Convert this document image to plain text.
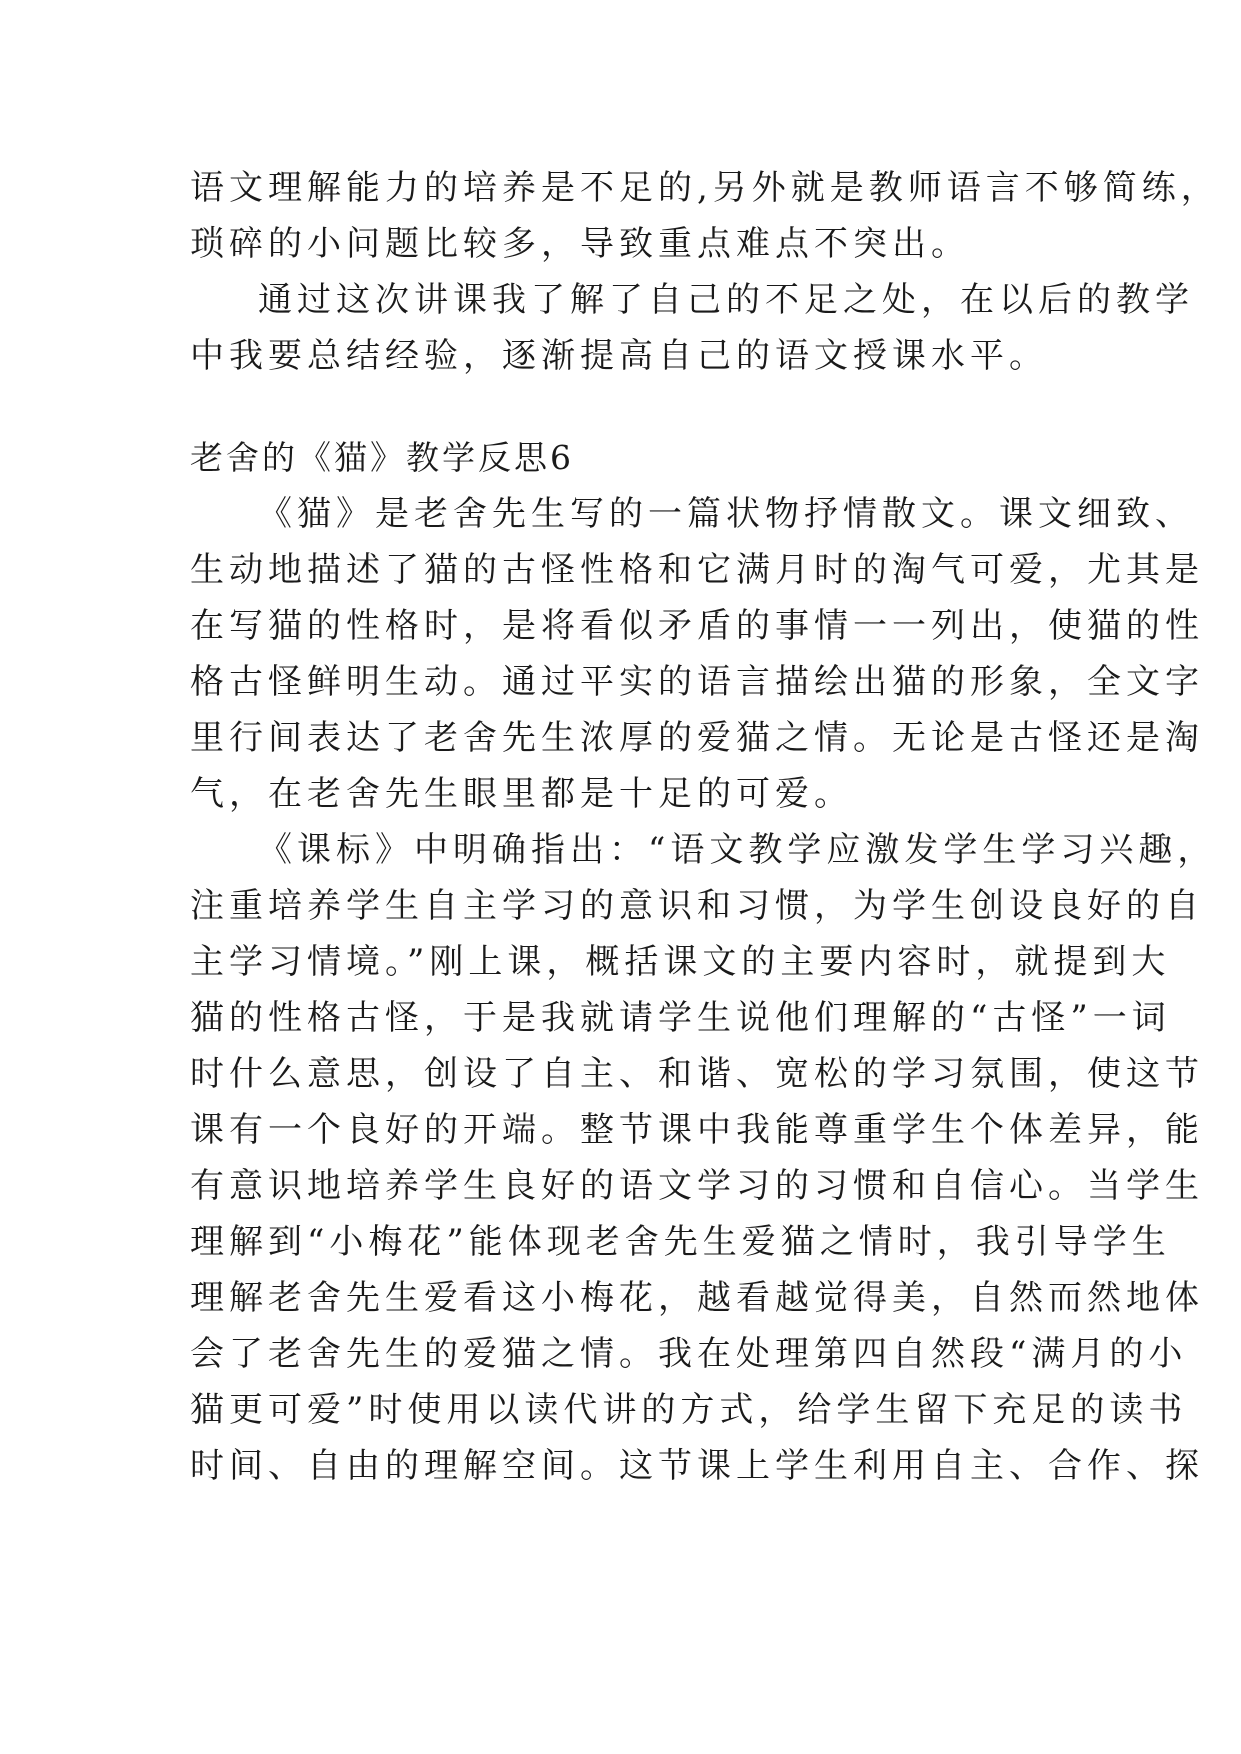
语文理解能力的培养是不足的,另外就是教师语言不够简练，
琐碎的小问题比较多，导致重点难点不突出。
通过这次讲课我了解了自己的不足之处，在以后的教学
中我要总结经验，逐渐提高自己的语文授课水平。
老舍的《猫》教学反思6
《猫》是老舍先生写的一篇状物抒情散文。课文细致、
生动地描述了猫的古怪性格和它满月时的淘气可爱，尤其是
在写猫的性格时，是将看似矛盾的事情一一列出，使猫的性
格古怪鲜明生动。通过平实的语言描绘出猫的形象，全文字
里行间表达了老舍先生浓厚的爱猫之情。无论是古怪还是淘
气，在老舍先生眼里都是十足的可爱。
《课标》中明确指出：“语文教学应激发学生学习兴趣，
注重培养学生自主学习的意识和习惯，为学生创设良好的自
主学习情境。”刚上课，概括课文的主要内容时，就提到大
猫的性格古怪，于是我就请学生说他们理解的“古怪”一词
时什么意思，创设了自主、和谐、宽松的学习氛围，使这节
课有一个良好的开端。整节课中我能尊重学生个体差异，能
有意识地培养学生良好的语文学习的习惯和自信心。当学生
理解到“小梅花”能体现老舍先生爱猫之情时，我引导学生
理解老舍先生爱看这小梅花，越看越觉得美，自然而然地体
会了老舍先生的爱猫之情。我在处理第四自然段“满月的小
猫更可爱”时使用以读代讲的方式，给学生留下充足的读书
时间、自由的理解空间。这节课上学生利用自主、合作、探
